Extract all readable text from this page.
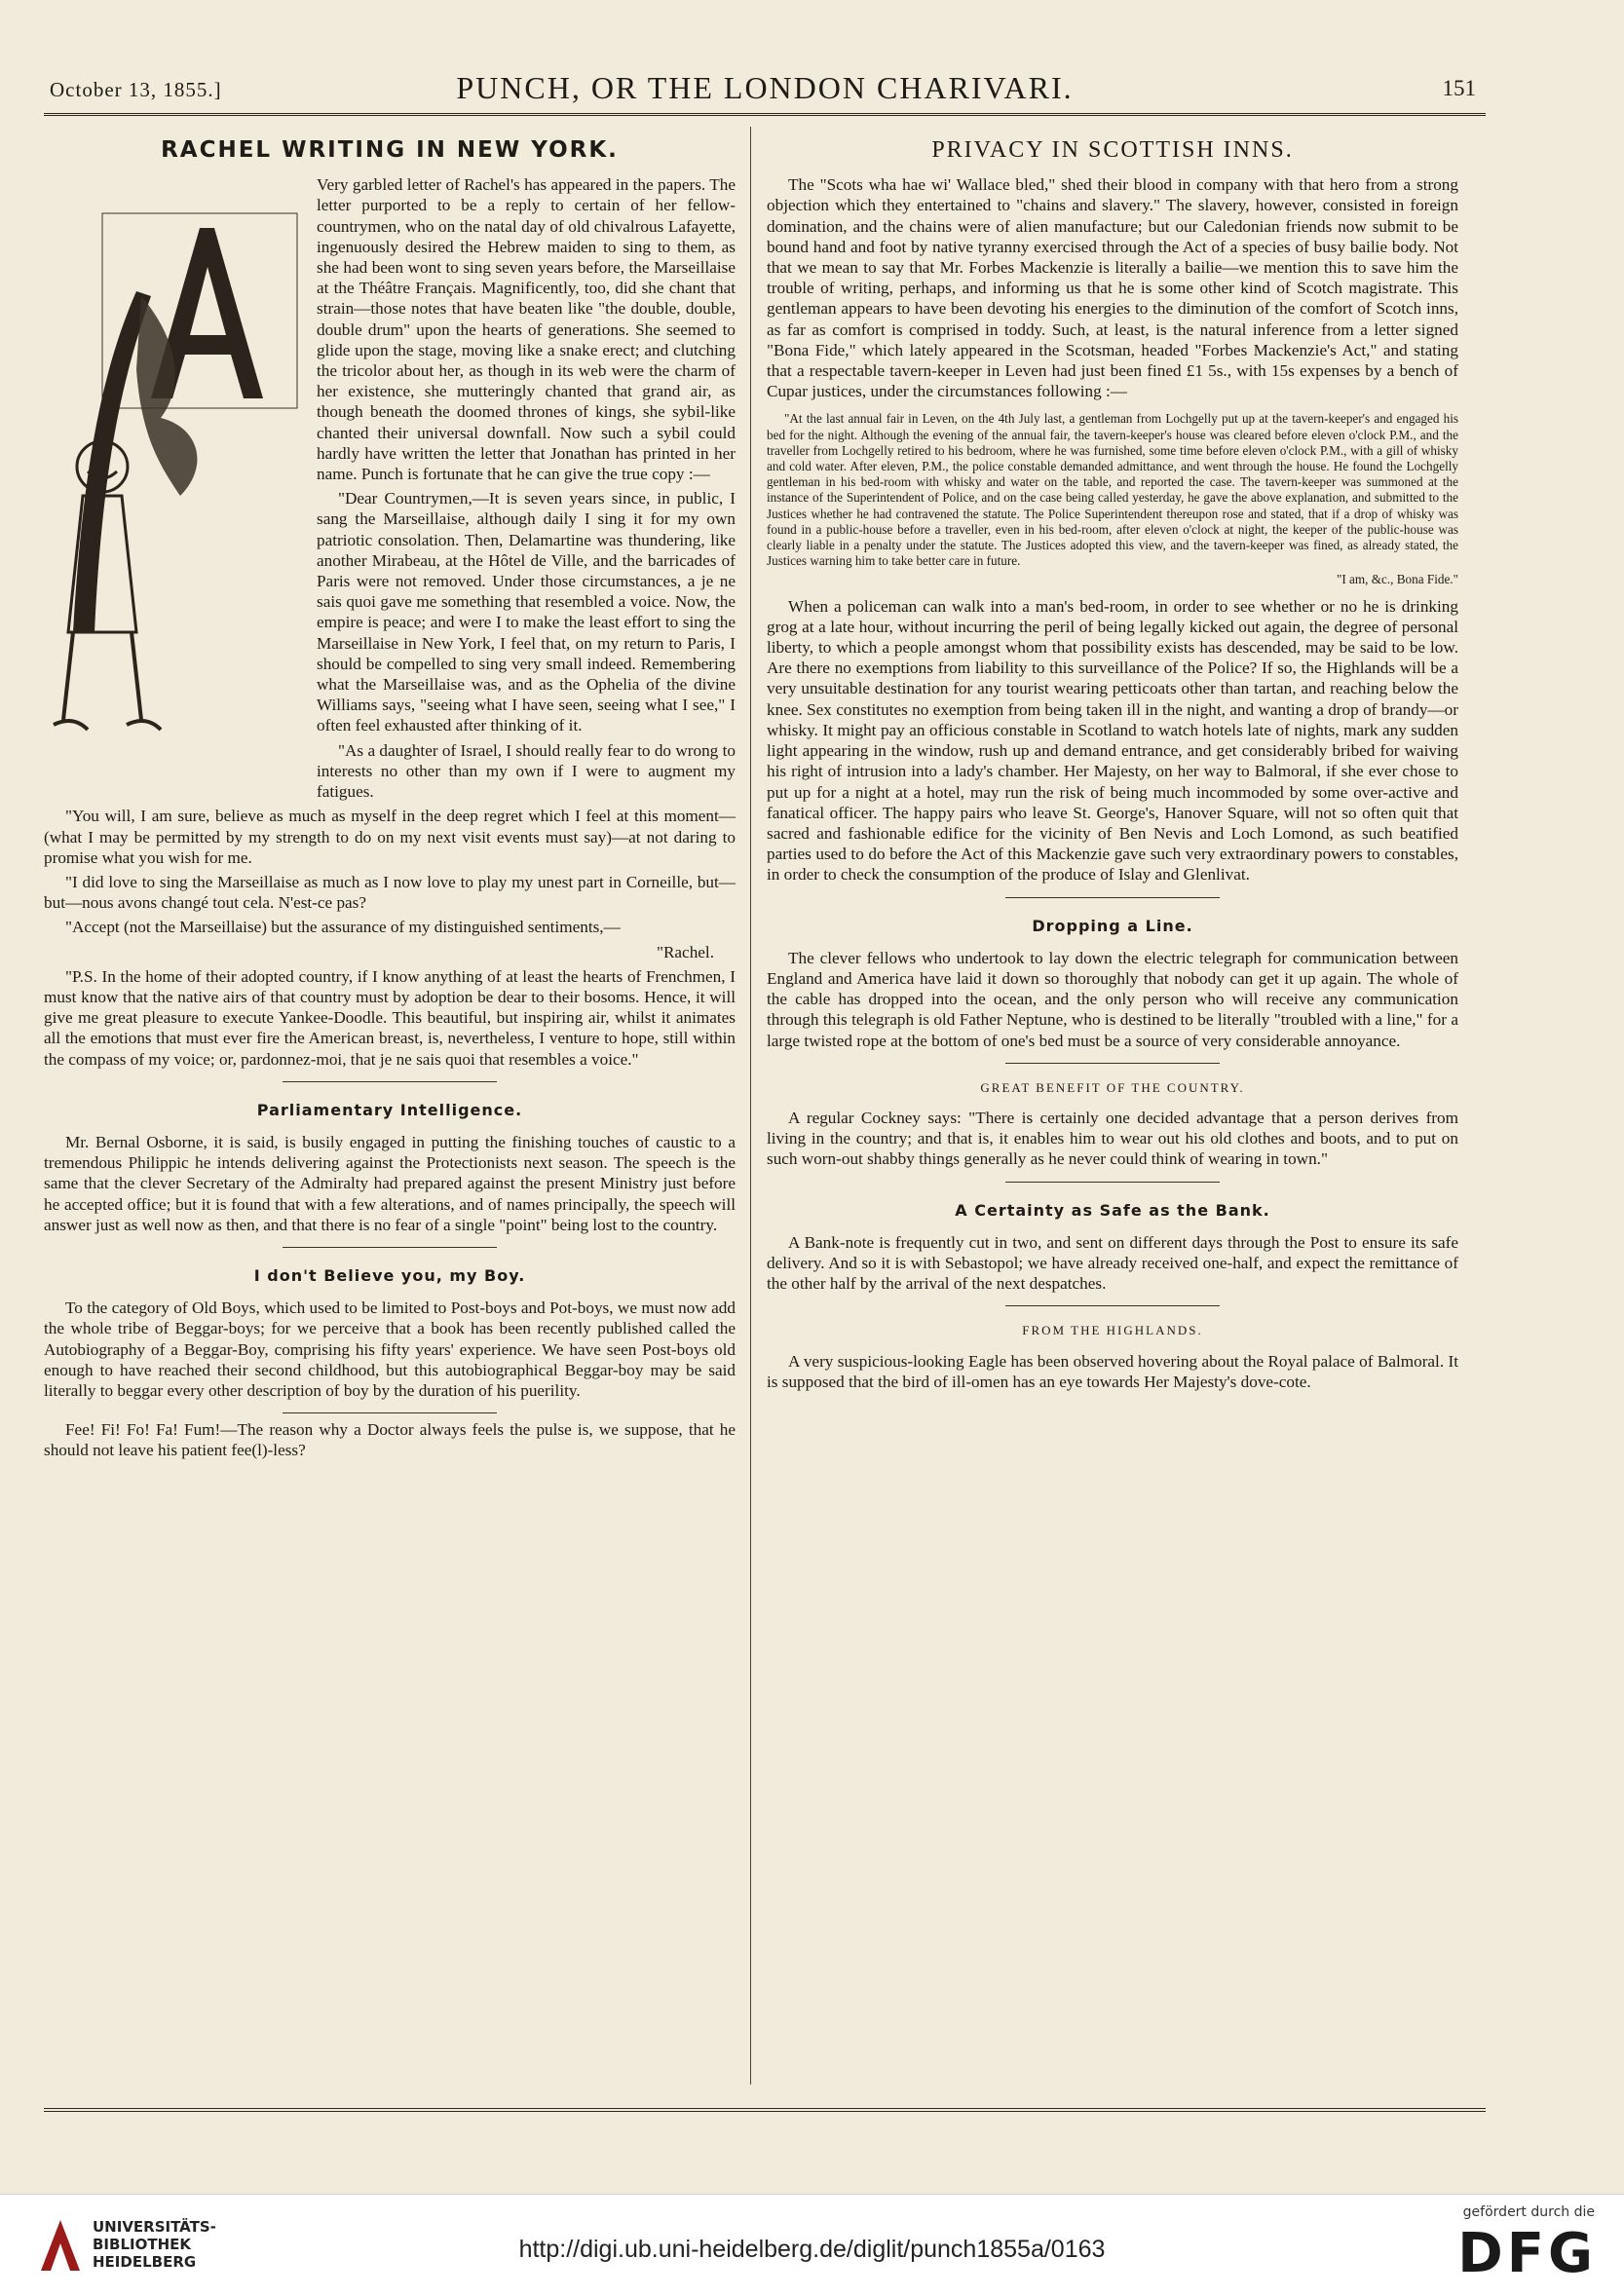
October 13, 1855.]	PUNCH, OR THE LONDON CHARIVARI.	151
RACHEL WRITING IN NEW YORK.

Very garbled letter of Rachel's has appeared in the papers. The letter purported to be a reply to certain of her fellow-countrymen, who on the natal day of old chivalrous Lafayette, ingenuously desired the Hebrew maiden to sing to them, as she had been wont to sing seven years before, the Marseillaise at the Théâtre Français. Magnificently, too, did she chant that strain—those notes that have beaten like "the double, double, double drum" upon the hearts of generations. She seemed to glide upon the stage, moving like a snake erect; and clutching the tricolor about her, as though in its web were the charm of her existence, she mutteringly chanted that grand air, as though beneath the doomed thrones of kings, she sybil-like chanted their universal downfall. Now such a sybil could hardly have written the letter that Jonathan has printed in her name. Punch is fortunate that he can give the true copy :—

"Dear Countrymen,—It is seven years since, in public, I sang the Marseillaise, although daily I sing it for my own patriotic consolation. Then, Delamartine was thundering, like another Mirabeau, at the Hôtel de Ville, and the barricades of Paris were not removed. Under those circumstances, a je ne sais quoi gave me something that resembled a voice. Now, the empire is peace; and were I to make the least effort to sing the Marseillaise in New York, I feel that, on my return to Paris, I should be compelled to sing very small indeed. Remembering what the Marseillaise was, and as the Ophelia of the divine Williams says, "seeing what I have seen, seeing what I see," I often feel exhausted after thinking of it.

"As a daughter of Israel, I should really fear to do wrong to interests no other than my own if I were to augment my fatigues.

"You will, I am sure, believe as much as myself in the deep regret which I feel at this moment—(what I may be permitted by my strength to do on my next visit events must say)—at not daring to promise what you wish for me.

"I did love to sing the Marseillaise as much as I now love to play my unest part in Corneille, but—but—nous avons changé tout cela. N'est-ce pas?

"Accept (not the Marseillaise) but the assurance of my distinguished sentiments,—

"Rachel.

"P.S. In the home of their adopted country, if I know anything of at least the hearts of Frenchmen, I must know that the native airs of that country must by adoption be dear to their bosoms. Hence, it will give me great pleasure to execute Yankee-Doodle. This beautiful, but inspiring air, whilst it animates all the emotions that must ever fire the American breast, is, nevertheless, I venture to hope, still within the compass of my voice; or, pardonnez-moi, that je ne sais quoi that resembles a voice."

Parliamentary Intelligence.

Mr. Bernal Osborne, it is said, is busily engaged in putting the finishing touches of caustic to a tremendous Philippic he intends delivering against the Protectionists next season. The speech is the same that the clever Secretary of the Admiralty had prepared against the present Ministry just before he accepted office; but it is found that with a few alterations, and of names principally, the speech will answer just as well now as then, and that there is no fear of a single "point" being lost to the country.

I don't Believe you, my Boy.

To the category of Old Boys, which used to be limited to Post-boys and Pot-boys, we must now add the whole tribe of Beggar-boys; for we perceive that a book has been recently published called the Autobiography of a Beggar-Boy, comprising his fifty years' experience. We have seen Post-boys old enough to have reached their second childhood, but this autobiographical Beggar-boy may be said literally to beggar every other description of boy by the duration of his puerility.

Fee! Fi! Fo! Fa! Fum!—The reason why a Doctor always feels the pulse is, we suppose, that he should not leave his patient fee(l)-less?

PRIVACY IN SCOTTISH INNS.

The "Scots wha hae wi' Wallace bled," shed their blood in company with that hero from a strong objection which they entertained to "chains and slavery." The slavery, however, consisted in foreign domination, and the chains were of alien manufacture; but our Caledonian friends now submit to be bound hand and foot by native tyranny exercised through the Act of a species of busy bailie body. Not that we mean to say that Mr. Forbes Mackenzie is literally a bailie—we mention this to save him the trouble of writing, perhaps, and informing us that he is some other kind of Scotch magistrate. This gentleman appears to have been devoting his energies to the diminution of the comfort of Scotch inns, as far as comfort is comprised in toddy. Such, at least, is the natural inference from a letter signed "Bona Fide," which lately appeared in the Scotsman, headed "Forbes Mackenzie's Act," and stating that a respectable tavern-keeper in Leven had just been fined £1 5s., with 15s expenses by a bench of Cupar justices, under the circumstances following :—

"At the last annual fair in Leven, on the 4th July last, a gentleman from Lochgelly put up at the tavern-keeper's and engaged his bed for the night. Although the evening of the annual fair, the tavern-keeper's house was cleared before eleven o'clock P.M., and the traveller from Lochgelly retired to his bedroom, where he was furnished, some time before eleven o'clock P.M., with a gill of whisky and cold water. After eleven, P.M., the police constable demanded admittance, and went through the house. He found the Lochgelly gentleman in his bed-room with whisky and water on the table, and reported the case. The tavern-keeper was summoned at the instance of the Superintendent of Police, and on the case being called yesterday, he gave the above explanation, and submitted to the Justices whether he had contravened the statute. The Police Superintendent thereupon rose and stated, that if a drop of whisky was found in a public-house before a traveller, even in his bed-room, after eleven o'clock at night, the keeper of the public-house was clearly liable in a penalty under the statute. The Justices adopted this view, and the tavern-keeper was fined, as already stated, the Justices warning him to take better care in future.

"I am, &c., Bona Fide."

When a policeman can walk into a man's bed-room, in order to see whether or no he is drinking grog at a late hour, without incurring the peril of being legally kicked out again, the degree of personal liberty, to which a people amongst whom that possibility exists has descended, may be said to be low. Are there no exemptions from liability to this surveillance of the Police? If so, the Highlands will be a very unsuitable destination for any tourist wearing petticoats other than tartan, and reaching below the knee. Sex constitutes no exemption from being taken ill in the night, and wanting a drop of brandy—or whisky. It might pay an officious constable in Scotland to watch hotels late of nights, mark any sudden light appearing in the window, rush up and demand entrance, and get considerably bribed for waiving his right of intrusion into a lady's chamber. Her Majesty, on her way to Balmoral, if she ever chose to put up for a night at a hotel, may run the risk of being much incommoded by some over-active and fanatical officer. The happy pairs who leave St. George's, Hanover Square, will not so often quit that sacred and fashionable edifice for the vicinity of Ben Nevis and Loch Lomond, as such beatified parties used to do before the Act of this Mackenzie gave such very extraordinary powers to constables, in order to check the consumption of the produce of Islay and Glenlivat.

Dropping a Line.

The clever fellows who undertook to lay down the electric telegraph for communication between England and America have laid it down so thoroughly that nobody can get it up again. The whole of the cable has dropped into the ocean, and the only person who will receive any communication through this telegraph is old Father Neptune, who is destined to be literally "troubled with a line," for a large twisted rope at the bottom of one's bed must be a source of very considerable annoyance.

GREAT BENEFIT OF THE COUNTRY.

A regular Cockney says: "There is certainly one decided advantage that a person derives from living in the country; and that is, it enables him to wear out his old clothes and boots, and to put on such worn-out shabby things generally as he never could think of wearing in town."

A Certainty as Safe as the Bank.

A Bank-note is frequently cut in two, and sent on different days through the Post to ensure its safe delivery. And so it is with Sebastopol; we have already received one-half, and expect the remittance of the other half by the arrival of the next despatches.

FROM THE HIGHLANDS.

A very suspicious-looking Eagle has been observed hovering about the Royal palace of Balmoral. It is supposed that the bird of ill-omen has an eye towards Her Majesty's dove-cote.

UNIVERSITÄTS-
BIBLIOTHEK
HEIDELBERG	http://digi.ub.uni-heidelberg.de/diglit/punch1855a/0163
gefördert durch die
DFG
